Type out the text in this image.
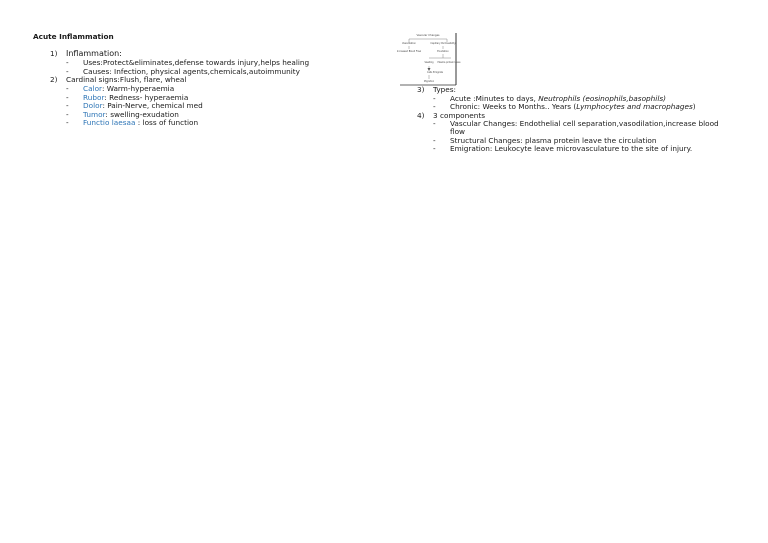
Acute Inflammation
1) Inflammation:
- Uses:Protect&eliminates,defense towards injury,helps healing
- Causes: Infection, physical agents,chemicals,autoimmunity
2) Cardinal signs:Flush, flare, wheal
- Calor: Warm-hyperaemia
- Rubor: Redness- hyperaemia
- Dolor: Pain-Nerve, chemical med
- Tumor: swelling-exudation
- Functio laesaa : loss of function
Vascular Changes
Vasodilation	Capillary Permeability
Increased Blood Flow	Exudation
Swelling Plasma protein leave
Cells Emigrate
Migration
3) Types:
- Acute :Minutes to days, Neutrophils (eosinophils,basophils)
- Chronic: Weeks to Months.. Years (Lymphocytes and macrophages)
4) 3 components
- Vascular Changes: Endothelial cell separation,vasodilation,increase blood
flow
- Structural Changes: plasma protein leave the circulation
- Emigration: Leukocyte leave microvasculature to the site of injury.
